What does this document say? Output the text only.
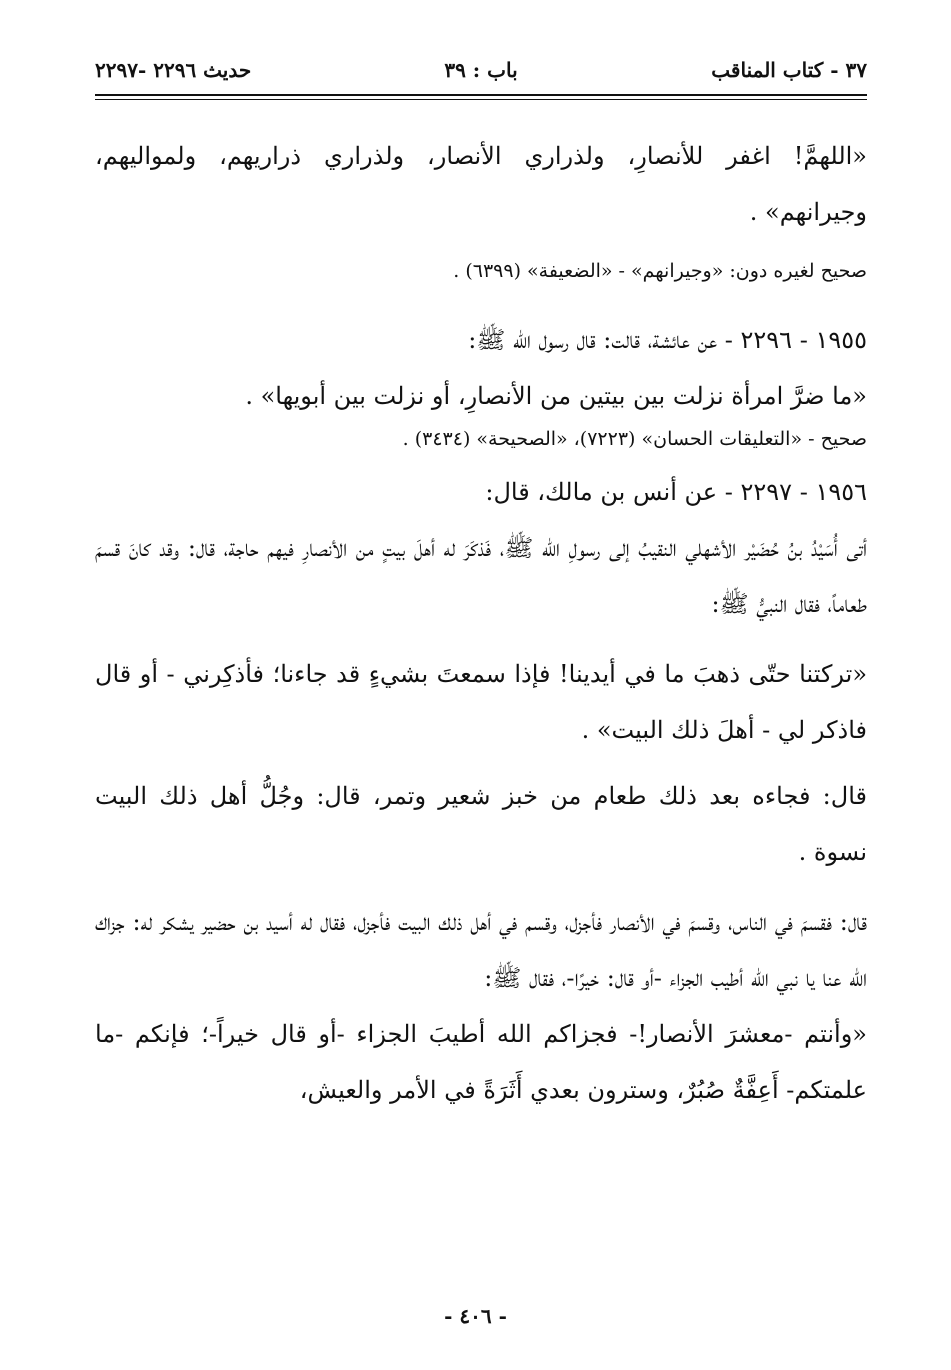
٣٧ - كتاب المناقب
باب : ٣٩
حديث ٢٢٩٦ -٢٢٩٧

«اللهمَّ! اغفر للأنصارِ، ولذراري الأنصار، ولذراري ذراريهم، ولمواليهم، وجيرانهم» .

صحيح لغيره دون: «وجيرانهم» - «الضعيفة» (٦٣٩٩) .

١٩٥٥ - ٢٢٩٦ - عن عائشة، قالت: قال رسول الله ﷺ:

«ما ضرَّ امرأة نزلت بين بيتين من الأنصارِ، أو نزلت بين أبويها» .

صحيح - «التعليقات الحسان» (٧٢٢٣)، «الصحيحة» (٣٤٣٤) .

١٩٥٦ - ٢٢٩٧ - عن أنس بن مالك، قال:

أتى أُسَيْدُ بنُ حُضَيْر الأشهلي النقيبُ إلى رسولِ الله ﷺ، فَذكَرَ له أهلَ بيتٍ من الأنصارِ فيهم حاجة، قال: وقد كانَ قسمَ طعاماً، فقال النبيُّ ﷺ:

«تركتنا حتّى ذهبَ ما في أيدينا! فإذا سمعتَ بشيءٍ قد جاءنا؛ فأذكِرني - أو قال فاذكر لي - أهلَ ذلك البيت» .

قال: فجاءه بعد ذلك طعام من خبز شعير وتمر، قال: وجُلُّ أهل ذلك البيت نسوة .

قال: فقسمَ في الناس، وقسمَ في الأنصار فأجزل، وقسم في أهل ذلك البيت فأجزل، فقال له أسيد بن حضير يشكر له: جزاك الله عنا يا نبي الله أطيب الجزاء -أو قال: خيرًا-، فقال ﷺ:

«وأنتم -معشرَ الأنصار!- فجزاكم الله أطيبَ الجزاء -أو قال خيراً-؛ فإنكم -ما علمتكم- أَعِفَّةٌ صُبُرٌ، وسترون بعدي أَثَرَةً في الأمر والعيش،

- ٤٠٦ -
